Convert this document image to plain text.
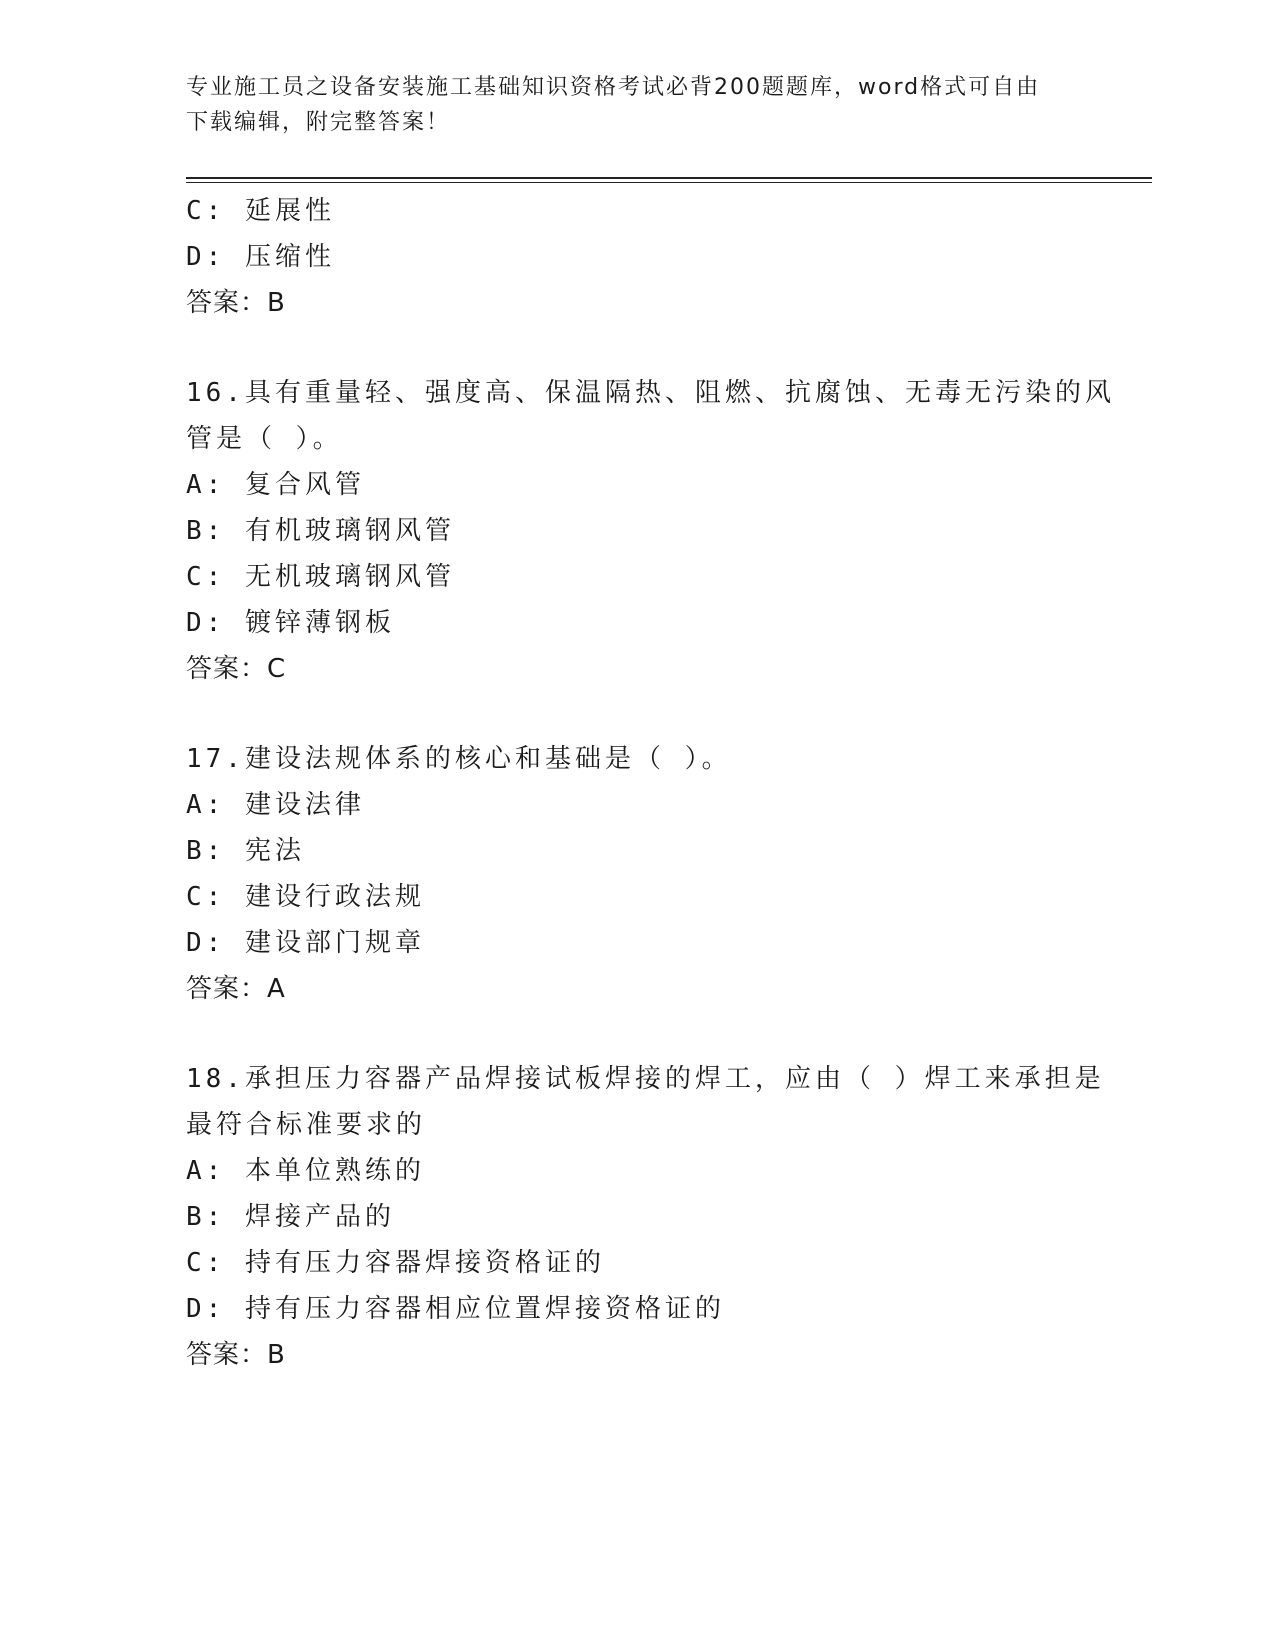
专业施工员之设备安装施工基础知识资格考试必背200题题库，word格式可自由
下载编辑，附完整答案！
C: 延展性
D: 压缩性
答案：B
16.具有重量轻、强度高、保温隔热、阻燃、抗腐蚀、无毒无污染的风
管是（ ）。
A: 复合风管
B: 有机玻璃钢风管
C: 无机玻璃钢风管
D: 镀锌薄钢板
答案：C
17.建设法规体系的核心和基础是（ ）。
A: 建设法律
B: 宪法
C: 建设行政法规
D: 建设部门规章
答案：A
18.承担压力容器产品焊接试板焊接的焊工，应由（ ）焊工来承担是
最符合标准要求的
A: 本单位熟练的
B: 焊接产品的
C: 持有压力容器焊接资格证的
D: 持有压力容器相应位置焊接资格证的
答案：B
